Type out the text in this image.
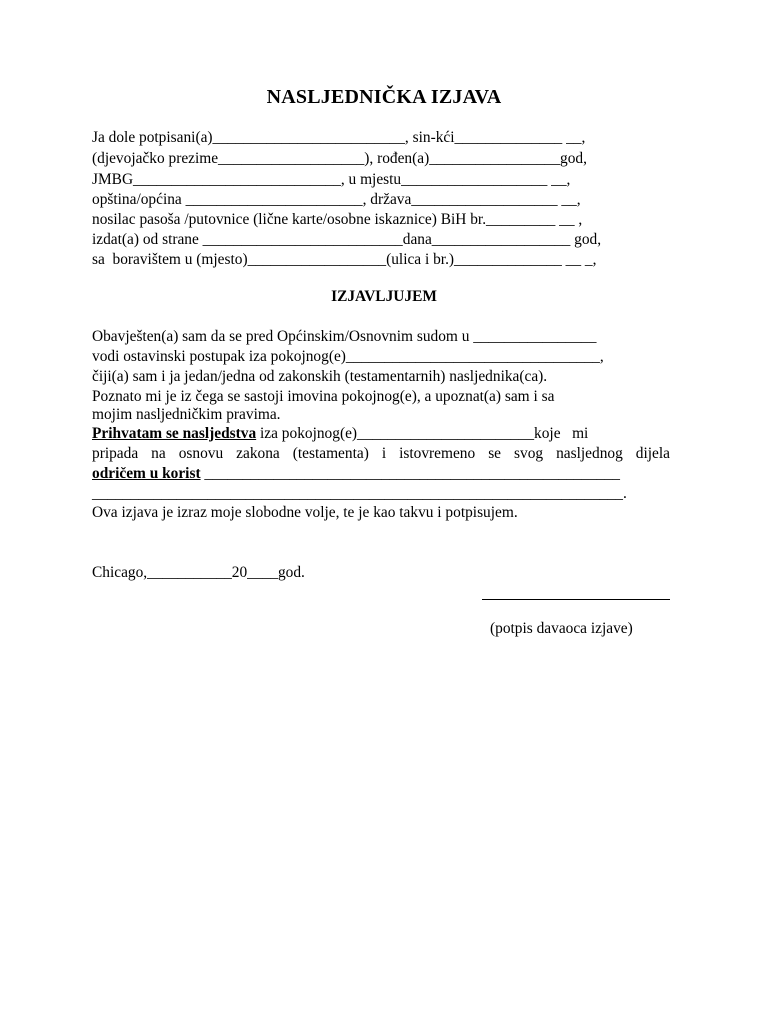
NASLJEDNIČKA IZJAVA
Ja dole potpisani(a)_________________________, sin-kći______________ __,
(djevojačko prezime___________________), rođen(a)_________________god,
JMBG___________________________, u mjestu___________________ __,
opština/općina _______________________, država___________________ __,
nosilac pasoša /putovnice (lične karte/osobne iskaznice) BiH br._________ __ ,
izdat(a) od strane __________________________dana__________________ god,
sa  boravištem u (mjesto)__________________(ulica i br.)______________ __ _,
IZJAVLJUJEM
Obavješten(a) sam da se pred Općinskim/Osnovnim sudom u ________________
vodi ostavinski postupak iza pokojnog(e)_________________________________,
čiji(a) sam i ja jedan/jedna od zakonskih (testamentarnih) nasljednika(ca).
Poznato mi je iz čega se sastoji imovina pokojnog(e), a upoznat(a) sam i sa
mojim nasljedničkim pravima.
Prihvatam se nasljedstva iza pokojnog(e)_______________________koje   mi
pripada na osnovu zakona (testamenta) i istovremeno se svog nasljednog dijela
odričem u korist ______________________________________________________
_____________________________________________________________________.
Ova izjava je izraz moje slobodne volje, te je kao takvu i potpisujem.
Chicago,___________20____god.
(potpis davaoca izjave)
